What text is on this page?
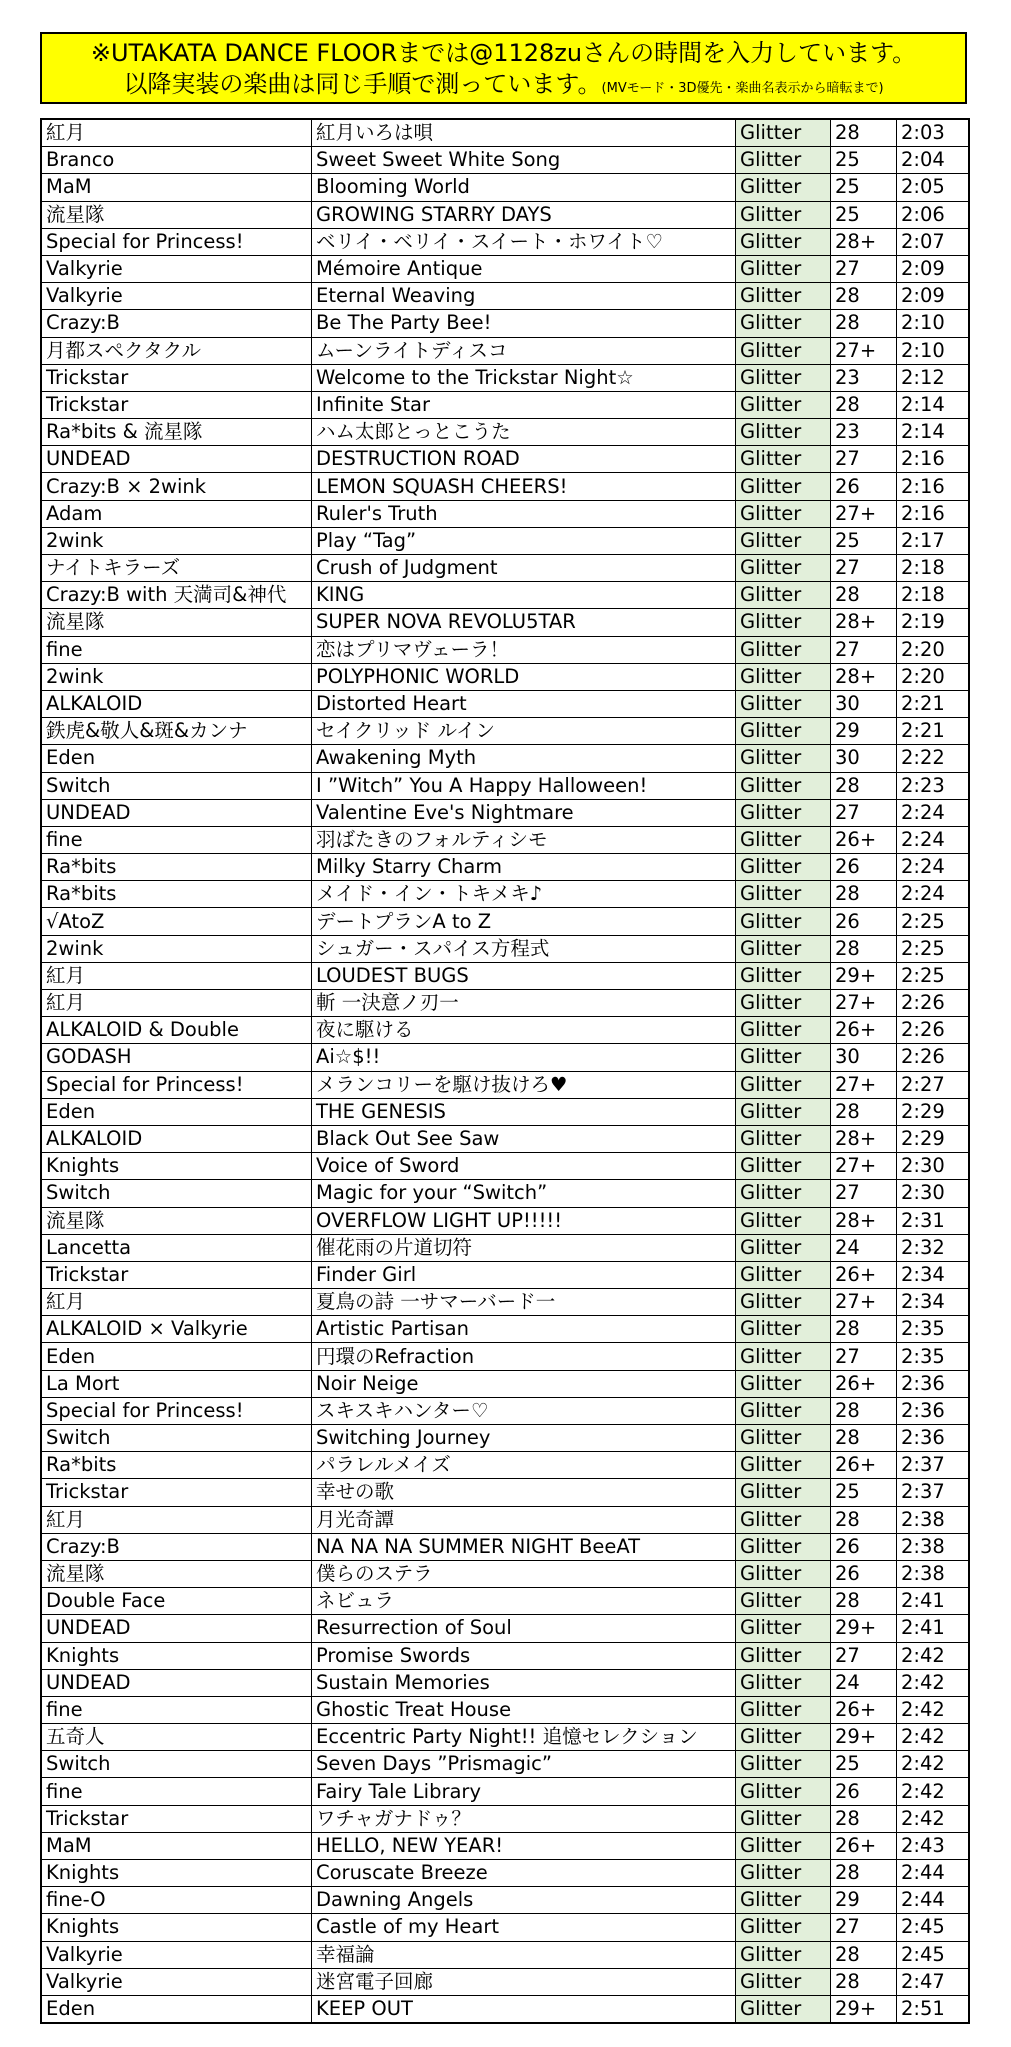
※UTAKATA DANCE FLOORまでは@1128zuさんの時間を入力しています。
以降実装の楽曲は同じ手順で測っています。(MVモード・3D優先・楽曲名表示から暗転まで)
紅月	紅月いろは唄	Glitter	28	2:03
Branco	Sweet Sweet White Song	Glitter	25	2:04
MaM	Blooming World	Glitter	25	2:05
流星隊	GROWING STARRY DAYS	Glitter	25	2:06
Special for Princess!	ベリイ・ベリイ・スイート・ホワイト♡	Glitter	28+	2:07
Valkyrie	Mémoire Antique	Glitter	27	2:09
Valkyrie	Eternal Weaving	Glitter	28	2:09
Crazy:B	Be The Party Bee!	Glitter	28	2:10
月都スペクタクル	ムーンライトディスコ	Glitter	27+	2:10
Trickstar	Welcome to the Trickstar Night☆	Glitter	23	2:12
Trickstar	Infinite Star	Glitter	28	2:14
Ra*bits & 流星隊	ハム太郎とっとこうた	Glitter	23	2:14
UNDEAD	DESTRUCTION ROAD	Glitter	27	2:16
Crazy:B × 2wink	LEMON SQUASH CHEERS!	Glitter	26	2:16
Adam	Ruler's Truth	Glitter	27+	2:16
2wink	Play “Tag”	Glitter	25	2:17
ナイトキラーズ	Crush of Judgment	Glitter	27	2:18
Crazy:B with 天満司&神代	KING	Glitter	28	2:18
流星隊	SUPER NOVA REVOLU5TAR	Glitter	28+	2:19
fine	恋はプリマヴェーラ！	Glitter	27	2:20
2wink	POLYPHONIC WORLD	Glitter	28+	2:20
ALKALOID	Distorted Heart	Glitter	30	2:21
鉄虎&敬人&斑&カンナ	セイクリッド ルイン	Glitter	29	2:21
Eden	Awakening Myth	Glitter	30	2:22
Switch	I ”Witch” You A Happy Halloween!	Glitter	28	2:23
UNDEAD	Valentine Eve's Nightmare	Glitter	27	2:24
fine	羽ばたきのフォルティシモ	Glitter	26+	2:24
Ra*bits	Milky Starry Charm	Glitter	26	2:24
Ra*bits	メイド・イン・トキメキ♪	Glitter	28	2:24
√AtoZ	デートプランA to Z	Glitter	26	2:25
2wink	シュガー・スパイス方程式	Glitter	28	2:25
紅月	LOUDEST BUGS	Glitter	29+	2:25
紅月	斬 一決意ノ刃一	Glitter	27+	2:26
ALKALOID & Double	夜に駆ける	Glitter	26+	2:26
GODASH	Ai☆$!!	Glitter	30	2:26
Special for Princess!	メランコリーを駆け抜けろ♥	Glitter	27+	2:27
Eden	THE GENESIS	Glitter	28	2:29
ALKALOID	Black Out See Saw	Glitter	28+	2:29
Knights	Voice of Sword	Glitter	27+	2:30
Switch	Magic for your “Switch”	Glitter	27	2:30
流星隊	OVERFLOW LIGHT UP!!!!!	Glitter	28+	2:31
Lancetta	催花雨の片道切符	Glitter	24	2:32
Trickstar	Finder Girl	Glitter	26+	2:34
紅月	夏鳥の詩 一サマーバード一	Glitter	27+	2:34
ALKALOID × Valkyrie	Artistic Partisan	Glitter	28	2:35
Eden	円環のRefraction	Glitter	27	2:35
La Mort	Noir Neige	Glitter	26+	2:36
Special for Princess!	スキスキハンター♡	Glitter	28	2:36
Switch	Switching Journey	Glitter	28	2:36
Ra*bits	パラレルメイズ	Glitter	26+	2:37
Trickstar	幸せの歌	Glitter	25	2:37
紅月	月光奇譚	Glitter	28	2:38
Crazy:B	NA NA NA SUMMER NIGHT BeeAT	Glitter	26	2:38
流星隊	僕らのステラ	Glitter	26	2:38
Double Face	ネビュラ	Glitter	28	2:41
UNDEAD	Resurrection of Soul	Glitter	29+	2:41
Knights	Promise Swords	Glitter	27	2:42
UNDEAD	Sustain Memories	Glitter	24	2:42
fine	Ghostic Treat House	Glitter	26+	2:42
五奇人	Eccentric Party Night!! 追憶セレクション	Glitter	29+	2:42
Switch	Seven Days ”Prismagic”	Glitter	25	2:42
fine	Fairy Tale Library	Glitter	26	2:42
Trickstar	ワチャガナドゥ？	Glitter	28	2:42
MaM	HELLO, NEW YEAR!	Glitter	26+	2:43
Knights	Coruscate Breeze	Glitter	28	2:44
fine-O	Dawning Angels	Glitter	29	2:44
Knights	Castle of my Heart	Glitter	27	2:45
Valkyrie	幸福論	Glitter	28	2:45
Valkyrie	迷宮電子回廊	Glitter	28	2:47
Eden	KEEP OUT	Glitter	29+	2:51
